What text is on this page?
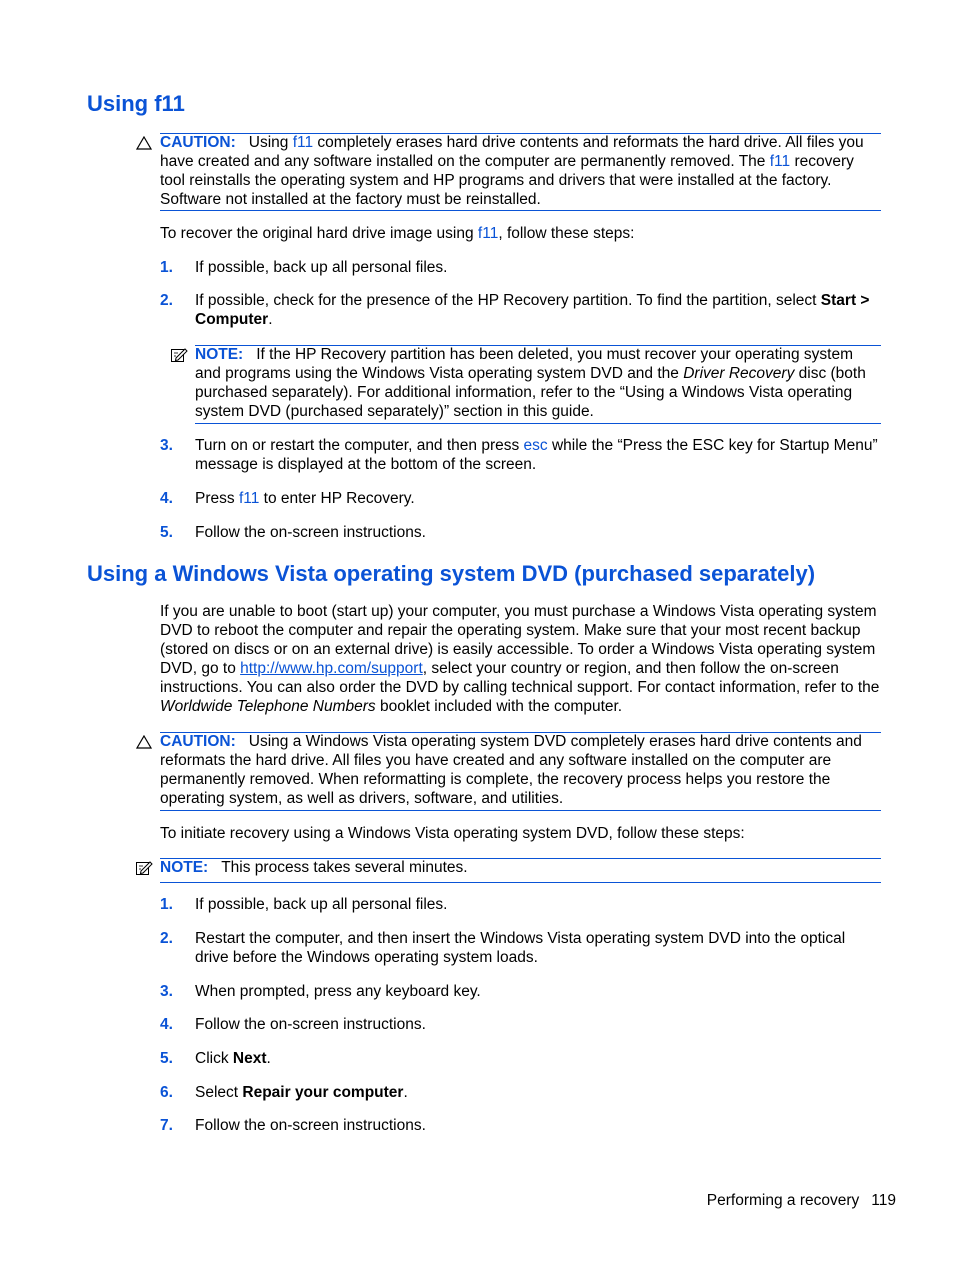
Using f11
CAUTION: Using f11 completely erases hard drive contents and reformats the hard drive. All files you have created and any software installed on the computer are permanently removed. The f11 recovery tool reinstalls the operating system and HP programs and drivers that were installed at the factory. Software not installed at the factory must be reinstalled.

To recover the original hard drive image using f11, follow these steps:

1. If possible, back up all personal files.
2. If possible, check for the presence of the HP Recovery partition. To find the partition, select Start > Computer.
NOTE: If the HP Recovery partition has been deleted, you must recover your operating system and programs using the Windows Vista operating system DVD and the Driver Recovery disc (both purchased separately). For additional information, refer to the “Using a Windows Vista operating system DVD (purchased separately)” section in this guide.
3. Turn on or restart the computer, and then press esc while the “Press the ESC key for Startup Menu” message is displayed at the bottom of the screen.
4. Press f11 to enter HP Recovery.
5. Follow the on-screen instructions.
Using a Windows Vista operating system DVD (purchased separately)

If you are unable to boot (start up) your computer, you must purchase a Windows Vista operating system DVD to reboot the computer and repair the operating system. Make sure that your most recent backup (stored on discs or on an external drive) is easily accessible. To order a Windows Vista operating system DVD, go to http://www.hp.com/support, select your country or region, and then follow the on-screen instructions. You can also order the DVD by calling technical support. For contact information, refer to the Worldwide Telephone Numbers booklet included with the computer.

CAUTION: Using a Windows Vista operating system DVD completely erases hard drive contents and reformats the hard drive. All files you have created and any software installed on the computer are permanently removed. When reformatting is complete, the recovery process helps you restore the operating system, as well as drivers, software, and utilities.

To initiate recovery using a Windows Vista operating system DVD, follow these steps:

NOTE: This process takes several minutes.
1. If possible, back up all personal files.
2. Restart the computer, and then insert the Windows Vista operating system DVD into the optical drive before the Windows operating system loads.
3. When prompted, press any keyboard key.
4. Follow the on-screen instructions.
5. Click Next.
6. Select Repair your computer.
7. Follow the on-screen instructions.
Performing a recovery 119
